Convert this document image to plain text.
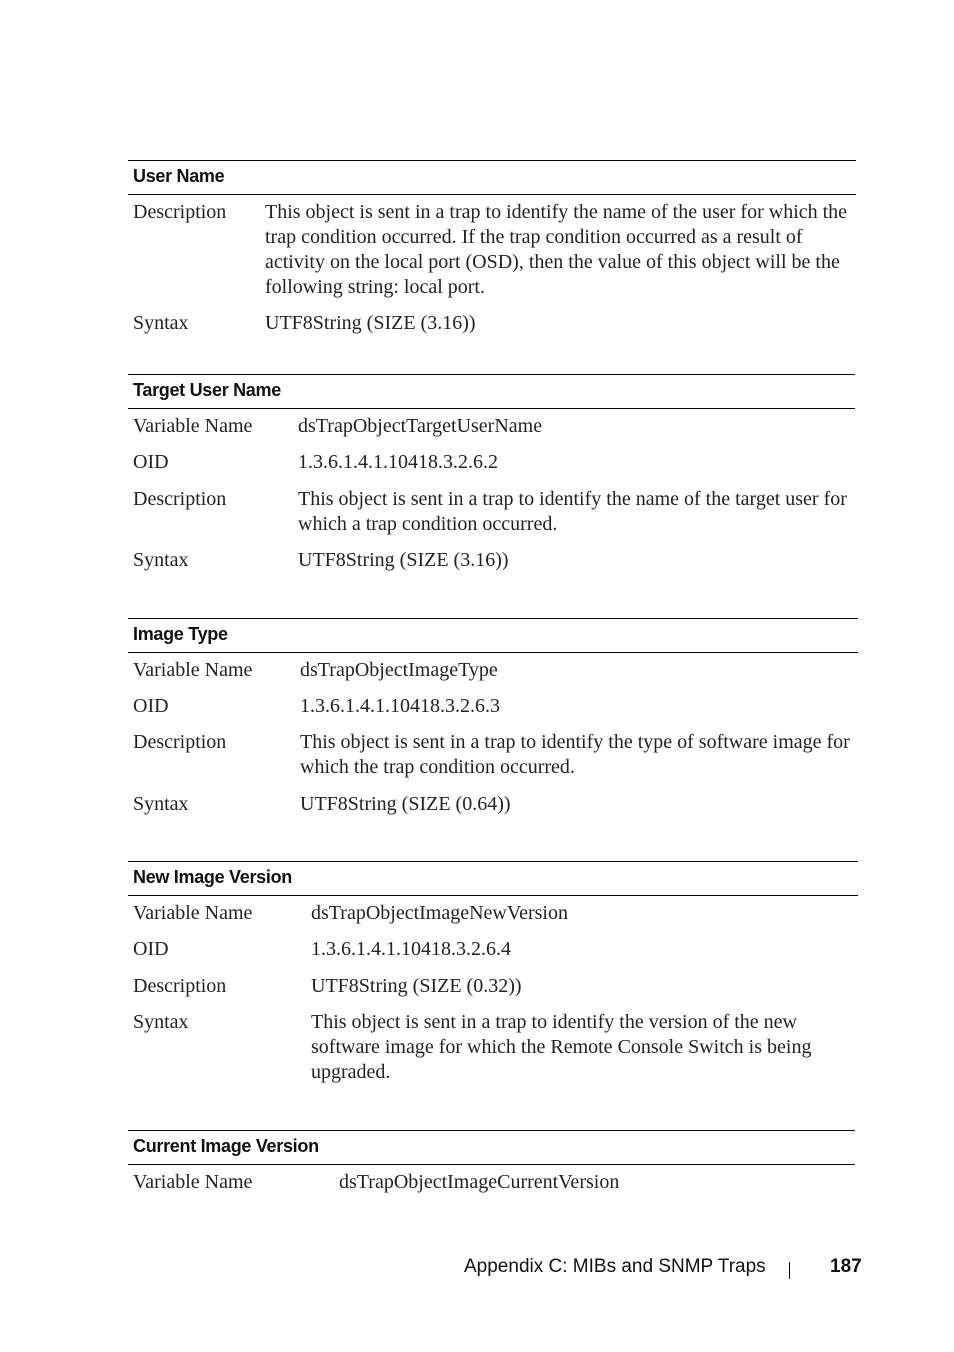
User Name
Description This object is sent in a trap to identify the name of the user for which the trap condition occurred. If the trap condition occurred as a result of activity on the local port (OSD), then the value of this object will be the following string: local port.
Syntax	UTF8String (SIZE (3.16))
Target User Name
Variable Name dsTrapObjectTargetUserName
OID	1.3.6.1.4.1.10418.3.2.6.2
Description	This object is sent in a trap to identify the name of the target user for which a trap condition occurred.
Syntax	UTF8String (SIZE (3.16))
Image Type
Variable Name dsTrapObjectImageType
OID	1.3.6.1.4.1.10418.3.2.6.3
Description	This object is sent in a trap to identify the type of software image for which the trap condition occurred.
Syntax	UTF8String (SIZE (0.64))
New Image Version
Variable Name	dsTrapObjectImageNewVersion
OID	1.3.6.1.4.1.10418.3.2.6.4
Description	UTF8String (SIZE (0.32))
Syntax	This object is sent in a trap to identify the version of the new software image for which the Remote Console Switch is being upgraded.
Current Image Version
Variable Name	dsTrapObjectImageCurrentVersion
Appendix C: MIBs and SNMP Traps	187
